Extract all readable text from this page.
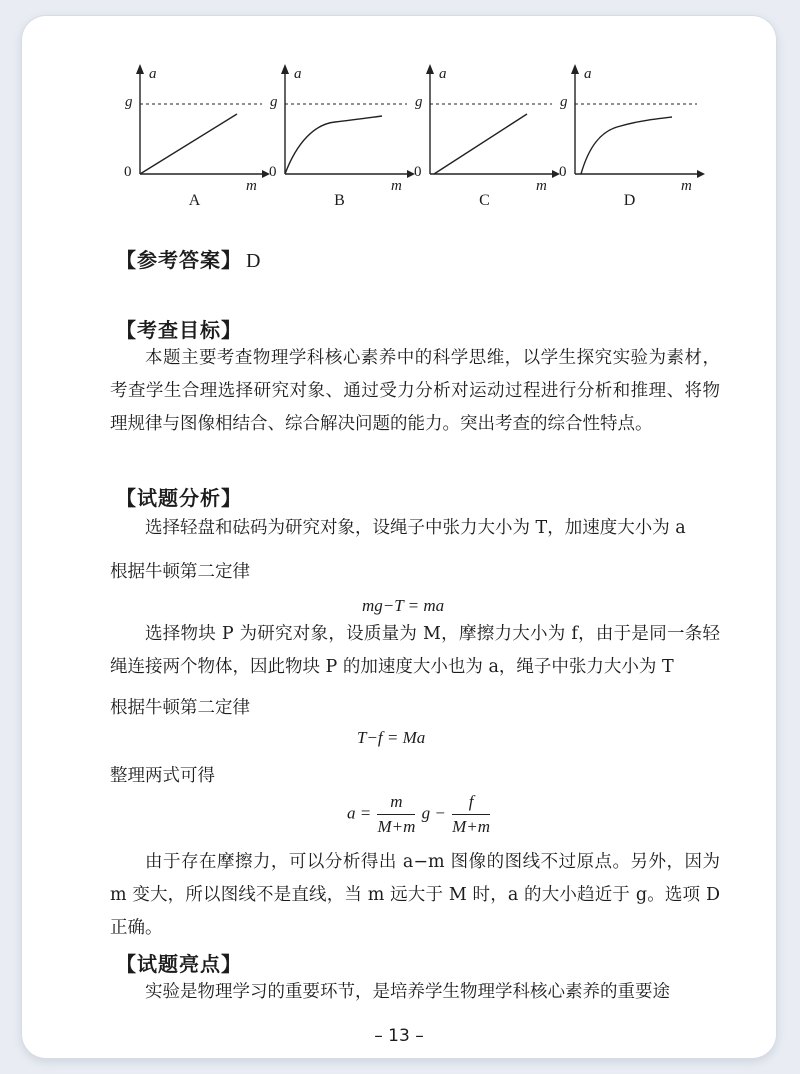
a
g
0
m
A
a
g
0
m
B
a
g
0
m
C
a
g
0
m
D
【参考答案】 D
【考查目标】
本题主要考查物理学科核心素养中的科学思维，以学生探究实验为素材，考查学生合理选择研究对象、通过受力分析对运动过程进行分析和推理、将物理规律与图像相结合、综合解决问题的能力。突出考查的综合性特点。
【试题分析】
选择轻盘和砝码为研究对象，设绳子中张力大小为 T，加速度大小为 a
根据牛顿第二定律
mg−T = ma
选择物块 P 为研究对象，设质量为 M，摩擦力大小为 f，由于是同一条轻绳连接两个物体，因此物块 P 的加速度大小也为 a，绳子中张力大小为 T
根据牛顿第二定律
T−f = Ma
整理两式可得
$a = \frac{m}{M+m}$ $g - \frac{f}{M+m}$
由于存在摩擦力，可以分析得出 a−m 图像的图线不过原点。另外，因为 m 变大，所以图线不是直线，当 m 远大于 M 时，a 的大小趋近于 g。选项 D 正确。
【试题亮点】
实验是物理学习的重要环节，是培养学生物理学科核心素养的重要途
– 13 –
